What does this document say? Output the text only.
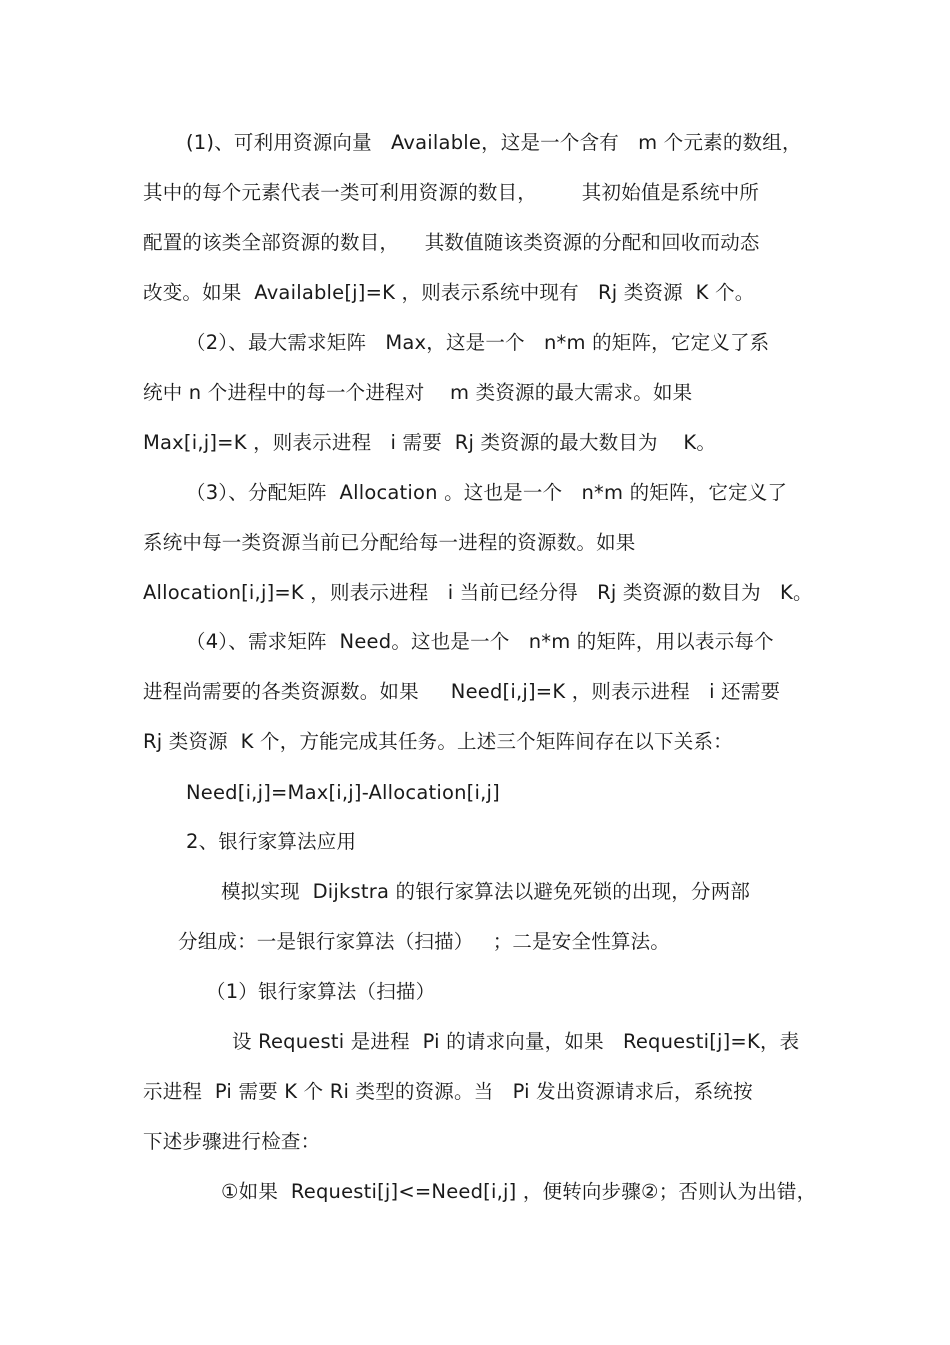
(1)、可利用资源向量   Available，这是一个含有   m 个元素的数组，
其中的每个元素代表一类可利用资源的数目，       其初始值是系统中所
配置的该类全部资源的数目，    其数值随该类资源的分配和回收而动态
改变。如果  Available[j]=K ，则表示系统中现有   Rj 类资源  K 个。
（2）、最大需求矩阵   Max，这是一个   n*m 的矩阵，它定义了系
统中 n 个进程中的每一个进程对    m 类资源的最大需求。如果
Max[i,j]=K ，则表示进程   i 需要  Rj 类资源的最大数目为    K。
（3）、分配矩阵  Allocation 。这也是一个   n*m 的矩阵，它定义了
系统中每一类资源当前已分配给每一进程的资源数。如果
Allocation[i,j]=K ，则表示进程   i 当前已经分得   Rj 类资源的数目为   K。
（4）、需求矩阵  Need。这也是一个   n*m 的矩阵，用以表示每个
进程尚需要的各类资源数。如果     Need[i,j]=K ，则表示进程   i 还需要
Rj 类资源  K 个，方能完成其任务。上述三个矩阵间存在以下关系：
Need[i,j]=Max[i,j]-Allocation[i,j]
2、银行家算法应用
模拟实现  Dijkstra 的银行家算法以避免死锁的出现，分两部
分组成：一是银行家算法（扫描）   ；二是安全性算法。
（1）银行家算法（扫描）
设 Requesti 是进程  Pi 的请求向量，如果   Requesti[j]=K，表
示进程  Pi 需要 K 个 Ri 类型的资源。当   Pi 发出资源请求后，系统按
下述步骤进行检查：
①如果  Requesti[j]<=Need[i,j] ，便转向步骤②；否则认为出错，
